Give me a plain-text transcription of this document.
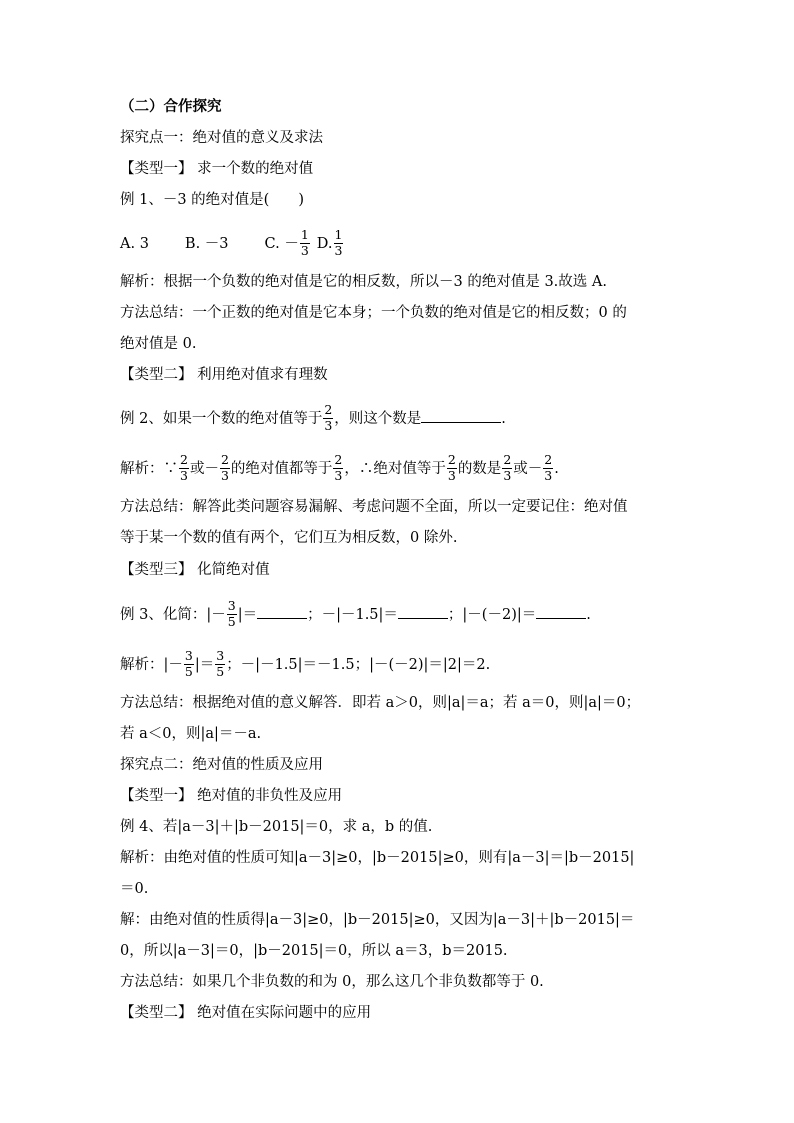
（二）合作探究
探究点一：绝对值的意义及求法
【类型一】 求一个数的绝对值
例 1、－3 的绝对值是(　　)
A. 3 B. －3 C. － $\frac{1}{3} D$. $\frac{1}{3}$
解析：根据一个负数的绝对值是它的相反数，所以－3 的绝对值是 3.故选 A.
方法总结：一个正数的绝对值是它本身；一个负数的绝对值是它的相反数；0 的
绝对值是 0.
【类型二】 利用绝对值求有理数
例 2、如果一个数的绝对值等于 $\frac{2}{3}$ ，则这个数是	.
解析：∵ $\frac{2}{3}$ 或－ $\frac{2}{3}$ 的绝对值都等于 $\frac{2}{3}$ ，∴绝对值等于 $\frac{2}{3}$ 的数是 $\frac{2}{3}$ 或－ $\frac{2}{3}$ .
方法总结：解答此类问题容易漏解、考虑问题不全面，所以一定要记住：绝对值
等于某一个数的值有两个，它们互为相反数，0 除外.
【类型三】 化简绝对值
例 3、化简：|－ $\frac{3}{5}$ |＝	；－|－1.5|＝	；|－(－2)|＝	.
解析：|－ $\frac{3}{5}$ |＝ $\frac{3}{5}$ ；－|－1.5|＝－1.5；|－(－2)|＝|2|＝2.
方法总结：根据绝对值的意义解答．即若 a＞0，则|a|＝a；若 a＝0，则|a|＝0；
若 a＜0，则|a|＝－a.
探究点二：绝对值的性质及应用
【类型一】 绝对值的非负性及应用
例 4、若|a－3|＋|b－2015|＝0，求 a，b 的值.
解析：由绝对值的性质可知|a－3|≥0，|b－2015|≥0，则有|a－3|＝|b－2015|
＝0.
解：由绝对值的性质得|a－3|≥0，|b－2015|≥0，又因为|a－3|＋|b－2015|＝
0，所以|a－3|＝0，|b－2015|＝0，所以 a＝3，b＝2015.
方法总结：如果几个非负数的和为 0，那么这几个非负数都等于 0.
【类型二】 绝对值在实际问题中的应用
